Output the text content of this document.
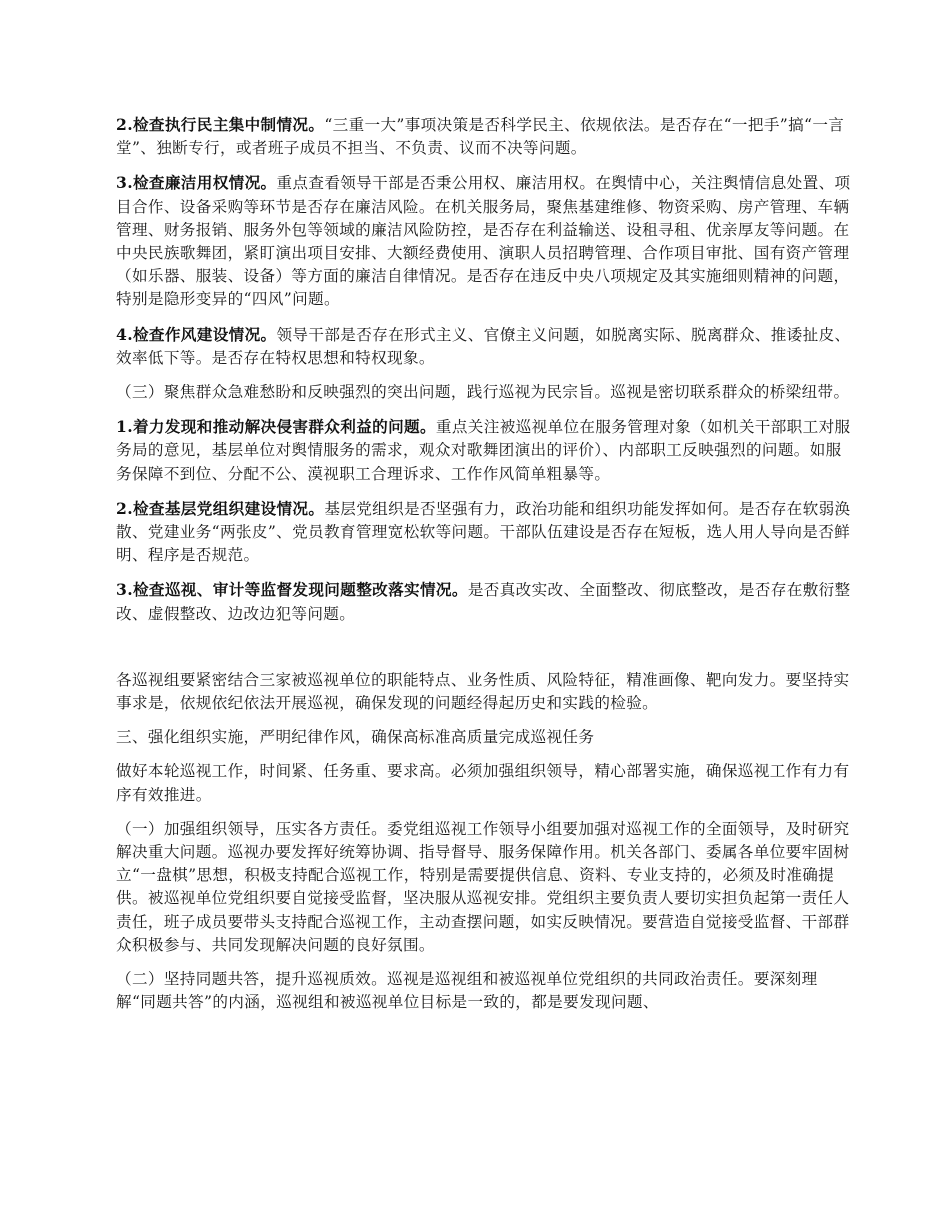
2.检查执行民主集中制情况。“三重一大”事项决策是否科学民主、依规依法。是否存在“一把手”搞“一言堂”、独断专行，或者班子成员不担当、不负责、议而不决等问题。

3.检查廉洁用权情况。重点查看领导干部是否秉公用权、廉洁用权。在舆情中心，关注舆情信息处置、项目合作、设备采购等环节是否存在廉洁风险。在机关服务局，聚焦基建维修、物资采购、房产管理、车辆管理、财务报销、服务外包等领域的廉洁风险防控，是否存在利益输送、设租寻租、优亲厚友等问题。在中央民族歌舞团，紧盯演出项目安排、大额经费使用、演职人员招聘管理、合作项目审批、国有资产管理（如乐器、服装、设备）等方面的廉洁自律情况。是否存在违反中央八项规定及其实施细则精神的问题，特别是隐形变异的“四风”问题。

4.检查作风建设情况。领导干部是否存在形式主义、官僚主义问题，如脱离实际、脱离群众、推诿扯皮、效率低下等。是否存在特权思想和特权现象。

（三）聚焦群众急难愁盼和反映强烈的突出问题，践行巡视为民宗旨。巡视是密切联系群众的桥梁纽带。

1.着力发现和推动解决侵害群众利益的问题。重点关注被巡视单位在服务管理对象（如机关干部职工对服务局的意见，基层单位对舆情服务的需求，观众对歌舞团演出的评价）、内部职工反映强烈的问题。如服务保障不到位、分配不公、漠视职工合理诉求、工作作风简单粗暴等。

2.检查基层党组织建设情况。基层党组织是否坚强有力，政治功能和组织功能发挥如何。是否存在软弱涣散、党建业务“两张皮”、党员教育管理宽松软等问题。干部队伍建设是否存在短板，选人用人导向是否鲜明、程序是否规范。

3.检查巡视、审计等监督发现问题整改落实情况。是否真改实改、全面整改、彻底整改，是否存在敷衍整改、虚假整改、边改边犯等问题。

各巡视组要紧密结合三家被巡视单位的职能特点、业务性质、风险特征，精准画像、靶向发力。要坚持实事求是，依规依纪依法开展巡视，确保发现的问题经得起历史和实践的检验。

三、强化组织实施，严明纪律作风，确保高标准高质量完成巡视任务

做好本轮巡视工作，时间紧、任务重、要求高。必须加强组织领导，精心部署实施，确保巡视工作有力有序有效推进。

（一）加强组织领导，压实各方责任。委党组巡视工作领导小组要加强对巡视工作的全面领导，及时研究解决重大问题。巡视办要发挥好统筹协调、指导督导、服务保障作用。机关各部门、委属各单位要牢固树立“一盘棋”思想，积极支持配合巡视工作，特别是需要提供信息、资料、专业支持的，必须及时准确提供。被巡视单位党组织要自觉接受监督，坚决服从巡视安排。党组织主要负责人要切实担负起第一责任人责任，班子成员要带头支持配合巡视工作，主动查摆问题，如实反映情况。要营造自觉接受监督、干部群众积极参与、共同发现解决问题的良好氛围。

（二）坚持同题共答，提升巡视质效。巡视是巡视组和被巡视单位党组织的共同政治责任。要深刻理解“同题共答”的内涵，巡视组和被巡视单位目标是一致的，都是要发现问题、
